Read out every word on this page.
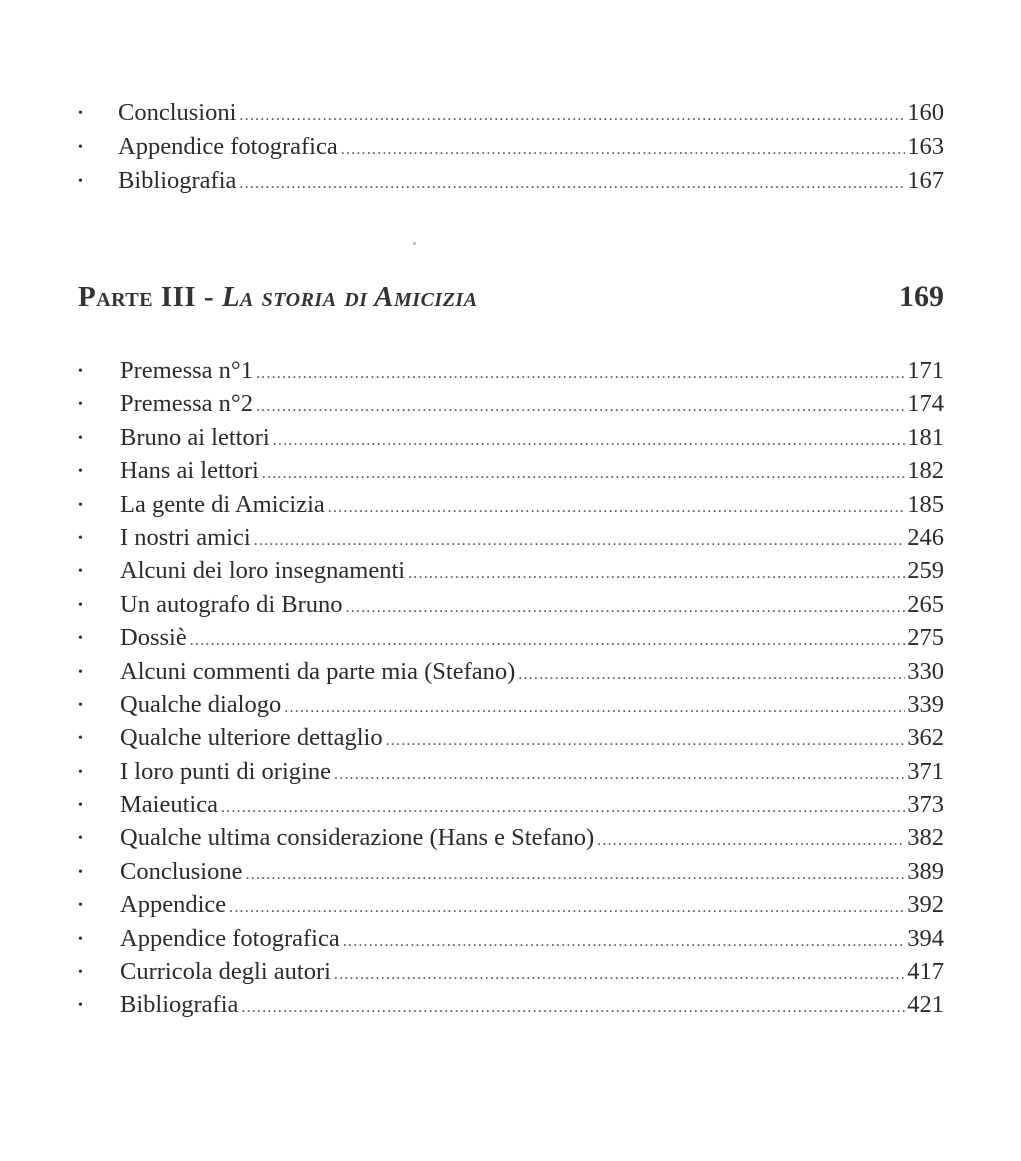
•	Conclusioni .....	160
•	Appendice fotografica .....	163
•	Bibliografia .....	167
Parte III - La storia di Amicizia	169
•	Premessa n°1 .....	171
•	Premessa n°2 .....	174
•	Bruno ai lettori .....	181
•	Hans ai lettori .....	182
•	La gente di Amicizia .....	185
•	I nostri amici .....	246
•	Alcuni dei loro insegnamenti .....	259
•	Un autografo di Bruno .....	265
•	Dossiè .....	275
•	Alcuni commenti da parte mia (Stefano) .....	330
•	Qualche dialogo .....	339
•	Qualche ulteriore dettaglio .....	362
•	I loro punti di origine .....	371
•	Maieutica .....	373
•	Qualche ultima considerazione (Hans e Stefano) .....	382
•	Conclusione .....	389
•	Appendice .....	392
•	Appendice fotografica .....	394
•	Curricola degli autori .....	417
•	Bibliografia .....	421
